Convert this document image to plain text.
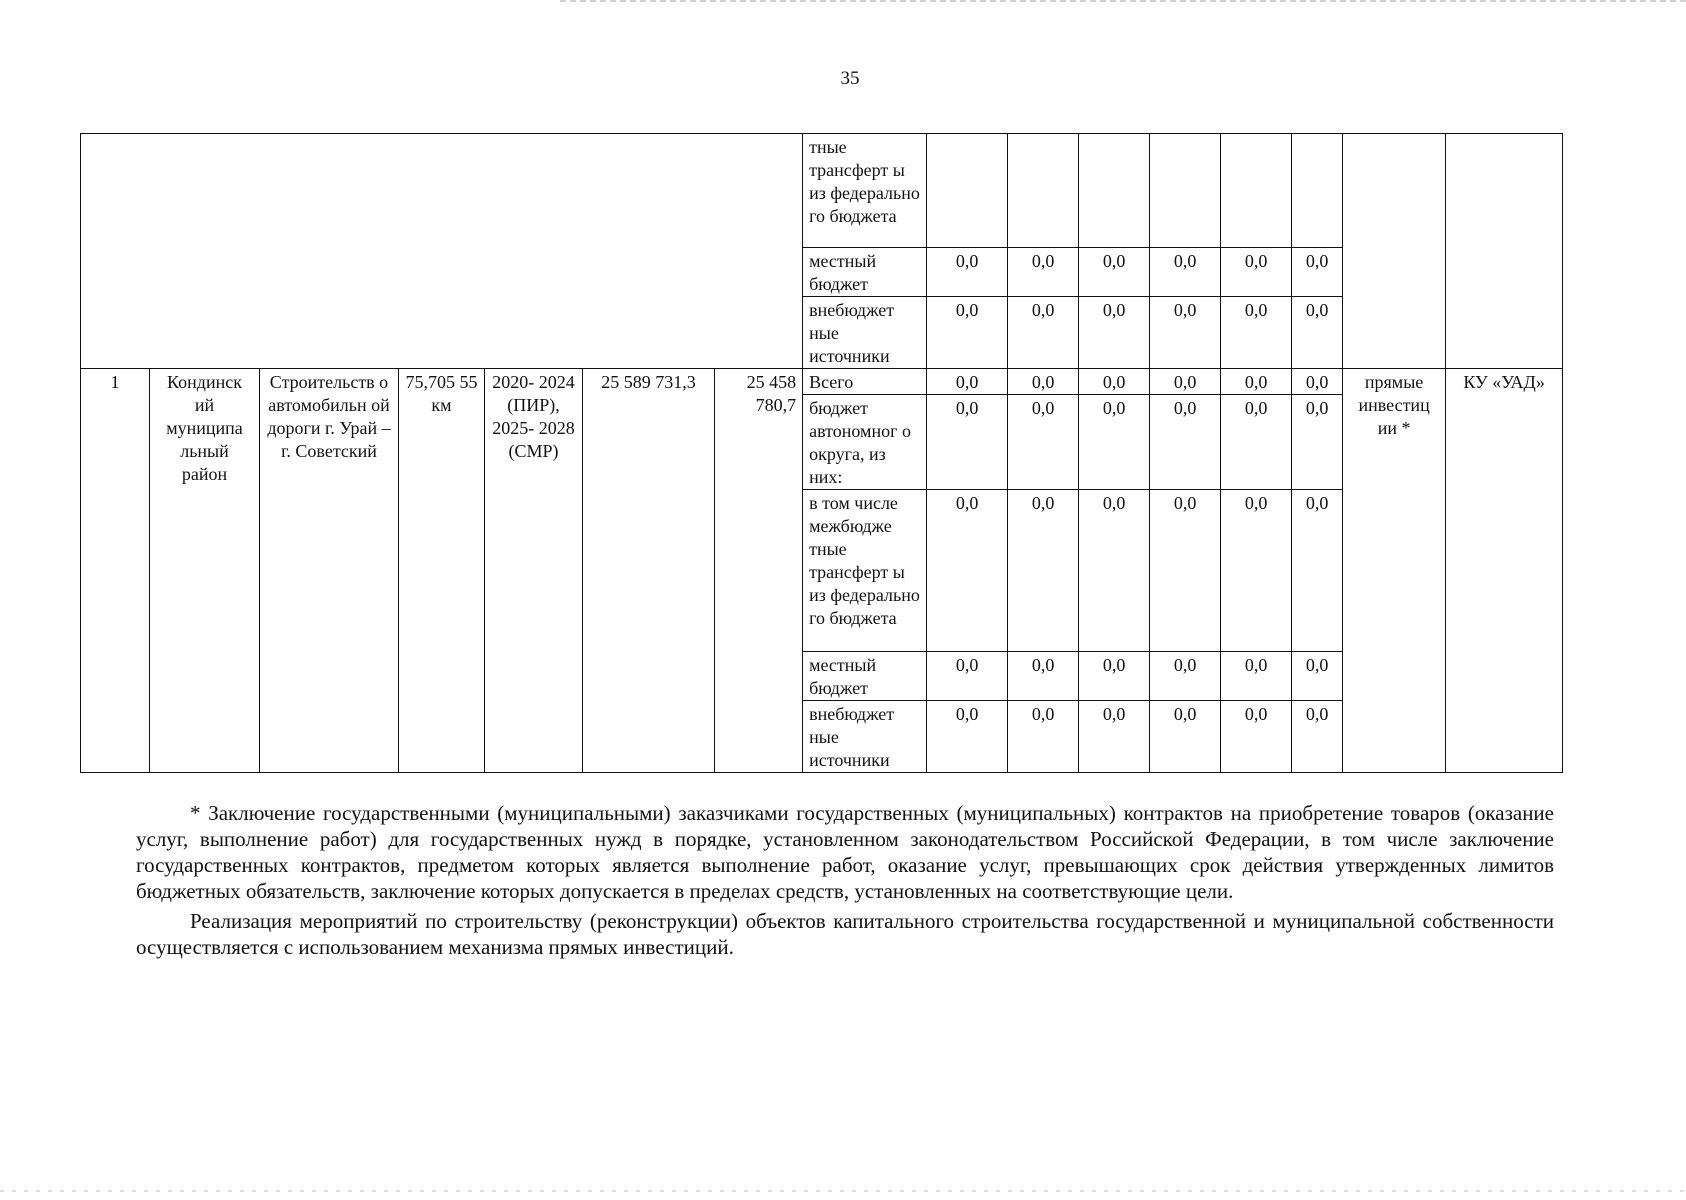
35
							тные трансферт ы из федерально го бюджета								
							местный бюджет	0,0	0,0	0,0	0,0	0,0	0,0		
							внебюджет ные источники	0,0	0,0	0,0	0,0	0,0	0,0		
1	Кондинск ий муниципа льный район	Строительств о автомобильн ой дороги г. Урай – г. Советский	75,705 55 км	2020- 2024 (ПИР), 2025- 2028 (СМР)	25 589 731,3	25 458 780,7	Всего	0,0	0,0	0,0	0,0	0,0	0,0	прямые инвестиц ии *	КУ «УАД»
							бюджет автономног о округа, из них:	0,0	0,0	0,0	0,0	0,0	0,0		
							в том числе межбюдже тные трансферт ы из федерально го бюджета	0,0	0,0	0,0	0,0	0,0	0,0		
							местный бюджет	0,0	0,0	0,0	0,0	0,0	0,0		
							внебюджет ные источники	0,0	0,0	0,0	0,0	0,0	0,0		

* Заключение государственными (муниципальными) заказчиками государственных (муниципальных) контрактов на приобретение товаров (оказание услуг, выполнение работ) для государственных нужд в порядке, установленном законодательством Российской Федерации, в том числе заключение государственных контрактов, предметом которых является выполнение работ, оказание услуг, превышающих срок действия утвержденных лимитов бюджетных обязательств, заключение которых допускается в пределах средств, установленных на соответствующие цели.

Реализация мероприятий по строительству (реконструкции) объектов капитального строительства государственной и муниципальной собственности осуществляется с использованием механизма прямых инвестиций.
